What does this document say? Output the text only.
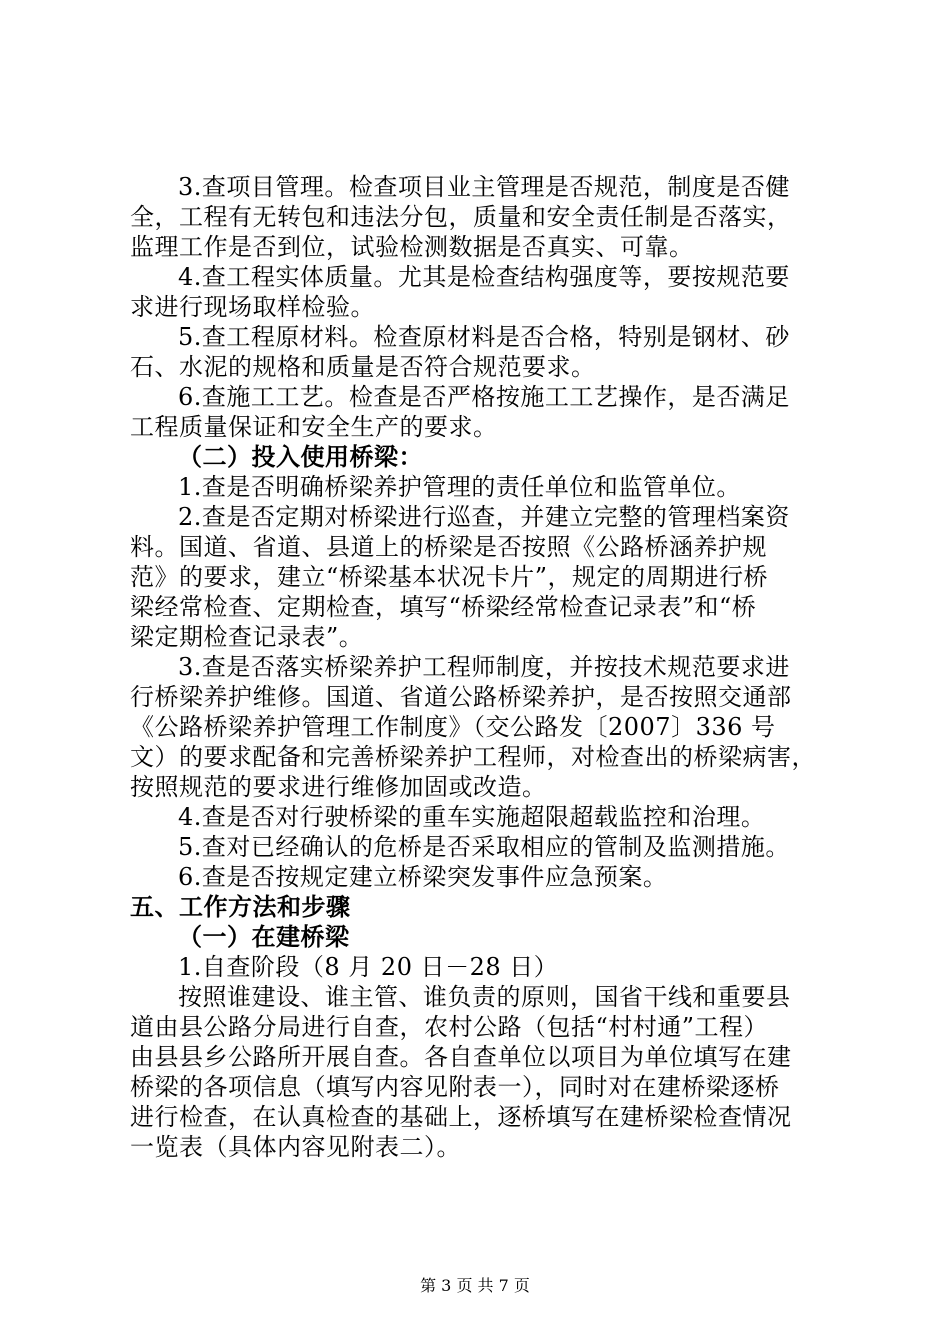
3.查项目管理。检查项目业主管理是否规范，制度是否健
全，工程有无转包和违法分包，质量和安全责任制是否落实，
监理工作是否到位，试验检测数据是否真实、可靠。
4.查工程实体质量。尤其是检查结构强度等，要按规范要
求进行现场取样检验。
5.查工程原材料。检查原材料是否合格，特别是钢材、砂
石、水泥的规格和质量是否符合规范要求。
6.查施工工艺。检查是否严格按施工工艺操作，是否满足
工程质量保证和安全生产的要求。
（二）投入使用桥梁：
1.查是否明确桥梁养护管理的责任单位和监管单位。
2.查是否定期对桥梁进行巡查，并建立完整的管理档案资
料。国道、省道、县道上的桥梁是否按照《公路桥涵养护规
范》的要求，建立“桥梁基本状况卡片”，规定的周期进行桥
梁经常检查、定期检查，填写“桥梁经常检查记录表”和“桥
梁定期检查记录表”。
3.查是否落实桥梁养护工程师制度，并按技术规范要求进
行桥梁养护维修。国道、省道公路桥梁养护，是否按照交通部
《公路桥梁养护管理工作制度》（交公路发〔2007〕336 号
文）的要求配备和完善桥梁养护工程师，对检查出的桥梁病害，
按照规范的要求进行维修加固或改造。
4.查是否对行驶桥梁的重车实施超限超载监控和治理。
5.查对已经确认的危桥是否采取相应的管制及监测措施。
6.查是否按规定建立桥梁突发事件应急预案。
五、工作方法和步骤
（一）在建桥梁
1.自查阶段（8 月 20 日－28 日）
按照谁建设、谁主管、谁负责的原则，国省干线和重要县
道由县公路分局进行自查，农村公路（包括“村村通”工程）
由县县乡公路所开展自查。各自查单位以项目为单位填写在建
桥梁的各项信息（填写内容见附表一），同时对在建桥梁逐桥
进行检查，在认真检查的基础上，逐桥填写在建桥梁检查情况
一览表（具体内容见附表二）。
第 3 页 共 7 页
